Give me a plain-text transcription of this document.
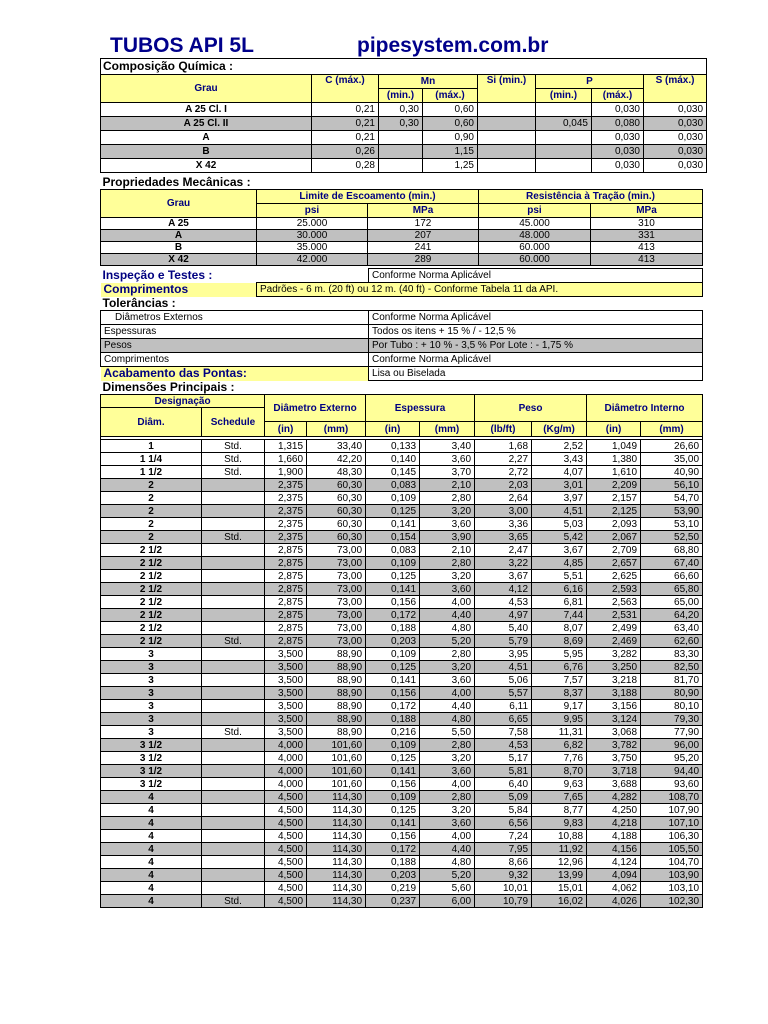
TUBOS API 5L	pipesystem.com.br
Composição Química :							
Grau	C (máx.)	Mn		Si (min.)	P		S (máx.)
		(min.)	(máx.)		(min.)	(máx.)	
A 25 Cl. I	0,21	0,30	0,60			0,030	0,030
A 25 Cl. II	0,21	0,30	0,60		0,045	0,080	0,030
A	0,21		0,90			0,030	0,030
B	0,26		1,15			0,030	0,030
X 42	0,28		1,25			0,030	0,030
Propriedades Mecânicas :				
Grau	Limite de Escoamento (min.)		Resistência à Tração (min.)	
	psi	MPa	psi	MPa
A 25	25.000	172	45.000	310
A	30.000	207	48.000	331
B	35.000	241	60.000	413
X 42	42.000	289	60.000	413
Inspeção e Testes :		Conforme Norma Aplicável
Comprimentos	Padrões - 6 m. (20 ft) ou 12 m. (40 ft) - Conforme Tabela 11 da API.	
Tolerâncias :		
Diâmetros Externos		Conforme Norma Aplicável
Espessuras		Todos os itens + 15 % / - 12,5 %
Pesos		Por Tubo : + 10 % - 3,5 % Por Lote : - 1,75 %
Comprimentos		Conforme Norma Aplicável
Acabamento das Pontas:		Lisa ou Biselada
Dimensões Principais :		
Designação		Diâmetro Externo		Espessura		Peso		Diâmetro Interno	
Diâm.	Schedule								
		(in)	(mm)	(in)	(mm)	(lb/ft)	(Kg/m)	(in)	(mm)

1	Std.	1,315	33,40	0,133	3,40	1,68	2,52	1,049	26,60
1 1/4	Std.	1,660	42,20	0,140	3,60	2,27	3,43	1,380	35,00
1 1/2	Std.	1,900	48,30	0,145	3,70	2,72	4,07	1,610	40,90
2		2,375	60,30	0,083	2,10	2,03	3,01	2,209	56,10
2		2,375	60,30	0,109	2,80	2,64	3,97	2,157	54,70
2		2,375	60,30	0,125	3,20	3,00	4,51	2,125	53,90
2		2,375	60,30	0,141	3,60	3,36	5,03	2,093	53,10
2	Std.	2,375	60,30	0,154	3,90	3,65	5,42	2,067	52,50
2 1/2		2,875	73,00	0,083	2,10	2,47	3,67	2,709	68,80
2 1/2		2,875	73,00	0,109	2,80	3,22	4,85	2,657	67,40
2 1/2		2,875	73,00	0,125	3,20	3,67	5,51	2,625	66,60
2 1/2		2,875	73,00	0,141	3,60	4,12	6,16	2,593	65,80
2 1/2		2,875	73,00	0,156	4,00	4,53	6,81	2,563	65,00
2 1/2		2,875	73,00	0,172	4,40	4,97	7,44	2,531	64,20
2 1/2		2,875	73,00	0,188	4,80	5,40	8,07	2,499	63,40
2 1/2	Std.	2,875	73,00	0,203	5,20	5,79	8,69	2,469	62,60
3		3,500	88,90	0,109	2,80	3,95	5,95	3,282	83,30
3		3,500	88,90	0,125	3,20	4,51	6,76	3,250	82,50
3		3,500	88,90	0,141	3,60	5,06	7,57	3,218	81,70
3		3,500	88,90	0,156	4,00	5,57	8,37	3,188	80,90
3		3,500	88,90	0,172	4,40	6,11	9,17	3,156	80,10
3		3,500	88,90	0,188	4,80	6,65	9,95	3,124	79,30
3	Std.	3,500	88,90	0,216	5,50	7,58	11,31	3,068	77,90
3 1/2		4,000	101,60	0,109	2,80	4,53	6,82	3,782	96,00
3 1/2		4,000	101,60	0,125	3,20	5,17	7,76	3,750	95,20
3 1/2		4,000	101,60	0,141	3,60	5,81	8,70	3,718	94,40
3 1/2		4,000	101,60	0,156	4,00	6,40	9,63	3,688	93,60
4		4,500	114,30	0,109	2,80	5,09	7,65	4,282	108,70
4		4,500	114,30	0,125	3,20	5,84	8,77	4,250	107,90
4		4,500	114,30	0,141	3,60	6,56	9,83	4,218	107,10
4		4,500	114,30	0,156	4,00	7,24	10,88	4,188	106,30
4		4,500	114,30	0,172	4,40	7,95	11,92	4,156	105,50
4		4,500	114,30	0,188	4,80	8,66	12,96	4,124	104,70
4		4,500	114,30	0,203	5,20	9,32	13,99	4,094	103,90
4		4,500	114,30	0,219	5,60	10,01	15,01	4,062	103,10
4	Std.	4,500	114,30	0,237	6,00	10,79	16,02	4,026	102,30
